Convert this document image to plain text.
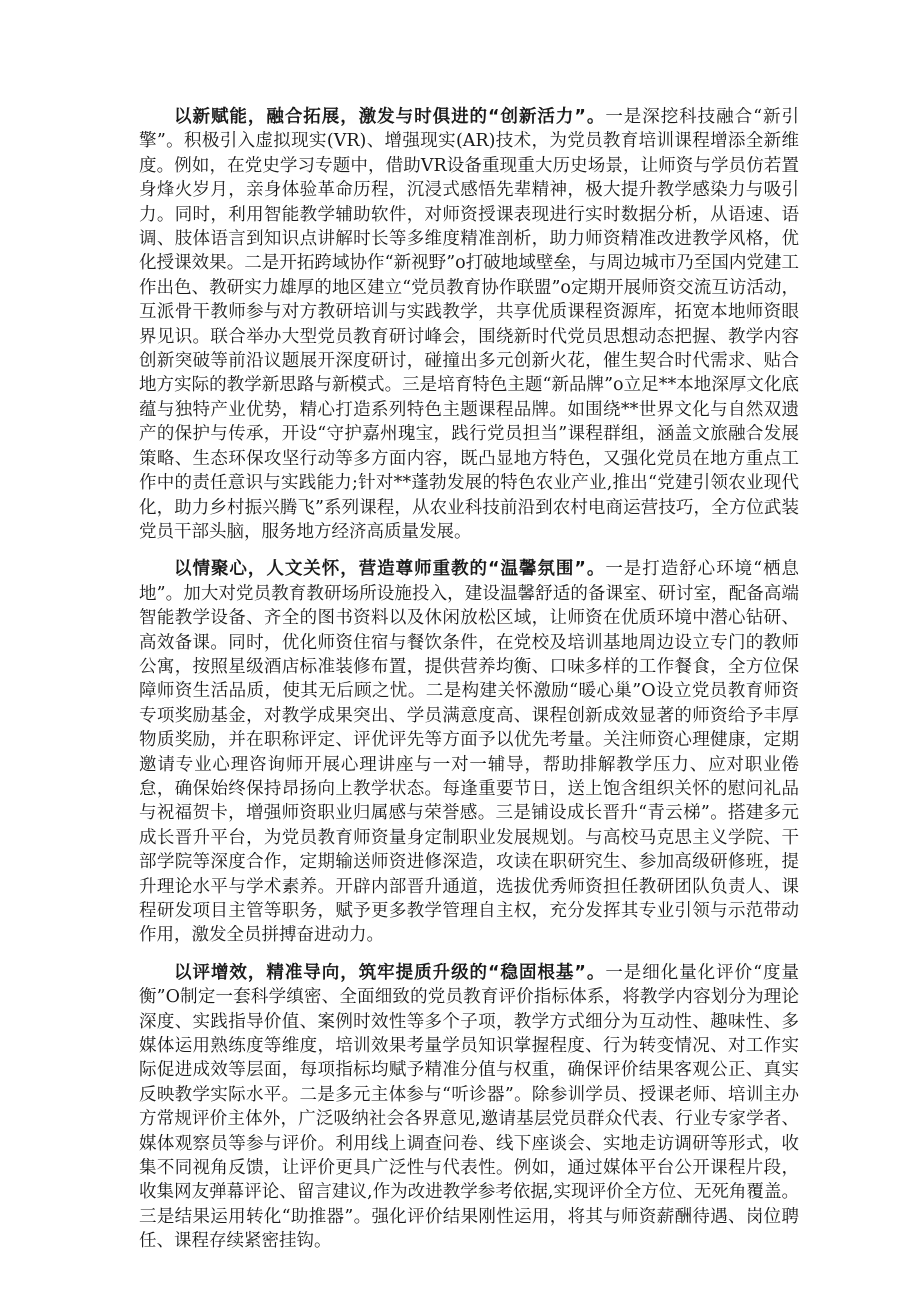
以新赋能，融合拓展，激发与时俱进的“创新活力”。一是深挖科技融合“新引擎”。积极引入虚拟现实(VR)、增强现实(AR)技术，为党员教育培训课程增添全新维度。例如，在党史学习专题中，借助VR设备重现重大历史场景，让师资与学员仿若置身烽火岁月，亲身体验革命历程，沉浸式感悟先辈精神，极大提升教学感染力与吸引力。同时，利用智能教学辅助软件，对师资授课表现进行实时数据分析，从语速、语调、肢体语言到知识点讲解时长等多维度精准剖析，助力师资精准改进教学风格，优化授课效果。二是开拓跨域协作“新视野”o打破地域壁垒，与周边城市乃至国内党建工作出色、教研实力雄厚的地区建立“党员教育协作联盟”o定期开展师资交流互访活动，互派骨干教师参与对方教研培训与实践教学，共享优质课程资源库，拓宽本地师资眼界见识。联合举办大型党员教育研讨峰会，围绕新时代党员思想动态把握、教学内容创新突破等前沿议题展开深度研讨，碰撞出多元创新火花，催生契合时代需求、贴合地方实际的教学新思路与新模式。三是培育特色主题“新品牌”o立足**本地深厚文化底蕴与独特产业优势，精心打造系列特色主题课程品牌。如围绕**世界文化与自然双遗产的保护与传承，开设“守护嘉州瑰宝，践行党员担当”课程群组，涵盖文旅融合发展策略、生态环保攻坚行动等多方面内容，既凸显地方特色，又强化党员在地方重点工作中的责任意识与实践能力;针对**蓬勃发展的特色农业产业,推出“党建引领农业现代化，助力乡村振兴腾飞”系列课程，从农业科技前沿到农村电商运营技巧，全方位武装党员干部头脑，服务地方经济高质量发展。

以情聚心，人文关怀，营造尊师重教的“温馨氛围”。一是打造舒心环境“栖息地”。加大对党员教育教研场所设施投入，建设温馨舒适的备课室、研讨室，配备高端智能教学设备、齐全的图书资料以及休闲放松区域，让师资在优质环境中潜心钻研、高效备课。同时，优化师资住宿与餐饮条件，在党校及培训基地周边设立专门的教师公寓，按照星级酒店标准装修布置，提供营养均衡、口味多样的工作餐食，全方位保障师资生活品质，使其无后顾之忧。二是构建关怀激励“暖心巢”O设立党员教育师资专项奖励基金，对教学成果突出、学员满意度高、课程创新成效显著的师资给予丰厚物质奖励，并在职称评定、评优评先等方面予以优先考量。关注师资心理健康，定期邀请专业心理咨询师开展心理讲座与一对一辅导，帮助排解教学压力、应对职业倦怠，确保始终保持昂扬向上教学状态。每逢重要节日，送上饱含组织关怀的慰问礼品与祝福贺卡，增强师资职业归属感与荣誉感。三是铺设成长晋升“青云梯”。搭建多元成长晋升平台，为党员教育师资量身定制职业发展规划。与高校马克思主义学院、干部学院等深度合作，定期输送师资进修深造，攻读在职研究生、参加高级研修班，提升理论水平与学术素养。开辟内部晋升通道，选拔优秀师资担任教研团队负责人、课程研发项目主管等职务，赋予更多教学管理自主权，充分发挥其专业引领与示范带动作用，激发全员拼搏奋进动力。

以评增效，精准导向，筑牢提质升级的“稳固根基”。一是细化量化评价“度量衡”O制定一套科学缜密、全面细致的党员教育评价指标体系，将教学内容划分为理论深度、实践指导价值、案例时效性等多个子项，教学方式细分为互动性、趣味性、多媒体运用熟练度等维度，培训效果考量学员知识掌握程度、行为转变情况、对工作实际促进成效等层面，每项指标均赋予精准分值与权重，确保评价结果客观公正、真实反映教学实际水平。二是多元主体参与“听诊器”。除参训学员、授课老师、培训主办方常规评价主体外，广泛吸纳社会各界意见,邀请基层党员群众代表、行业专家学者、媒体观察员等参与评价。利用线上调查问卷、线下座谈会、实地走访调研等形式，收集不同视角反馈，让评价更具广泛性与代表性。例如，通过媒体平台公开课程片段，收集网友弹幕评论、留言建议,作为改进教学参考依据,实现评价全方位、无死角覆盖。三是结果运用转化“助推器”。强化评价结果刚性运用，将其与师资薪酬待遇、岗位聘任、课程存续紧密挂钩。
